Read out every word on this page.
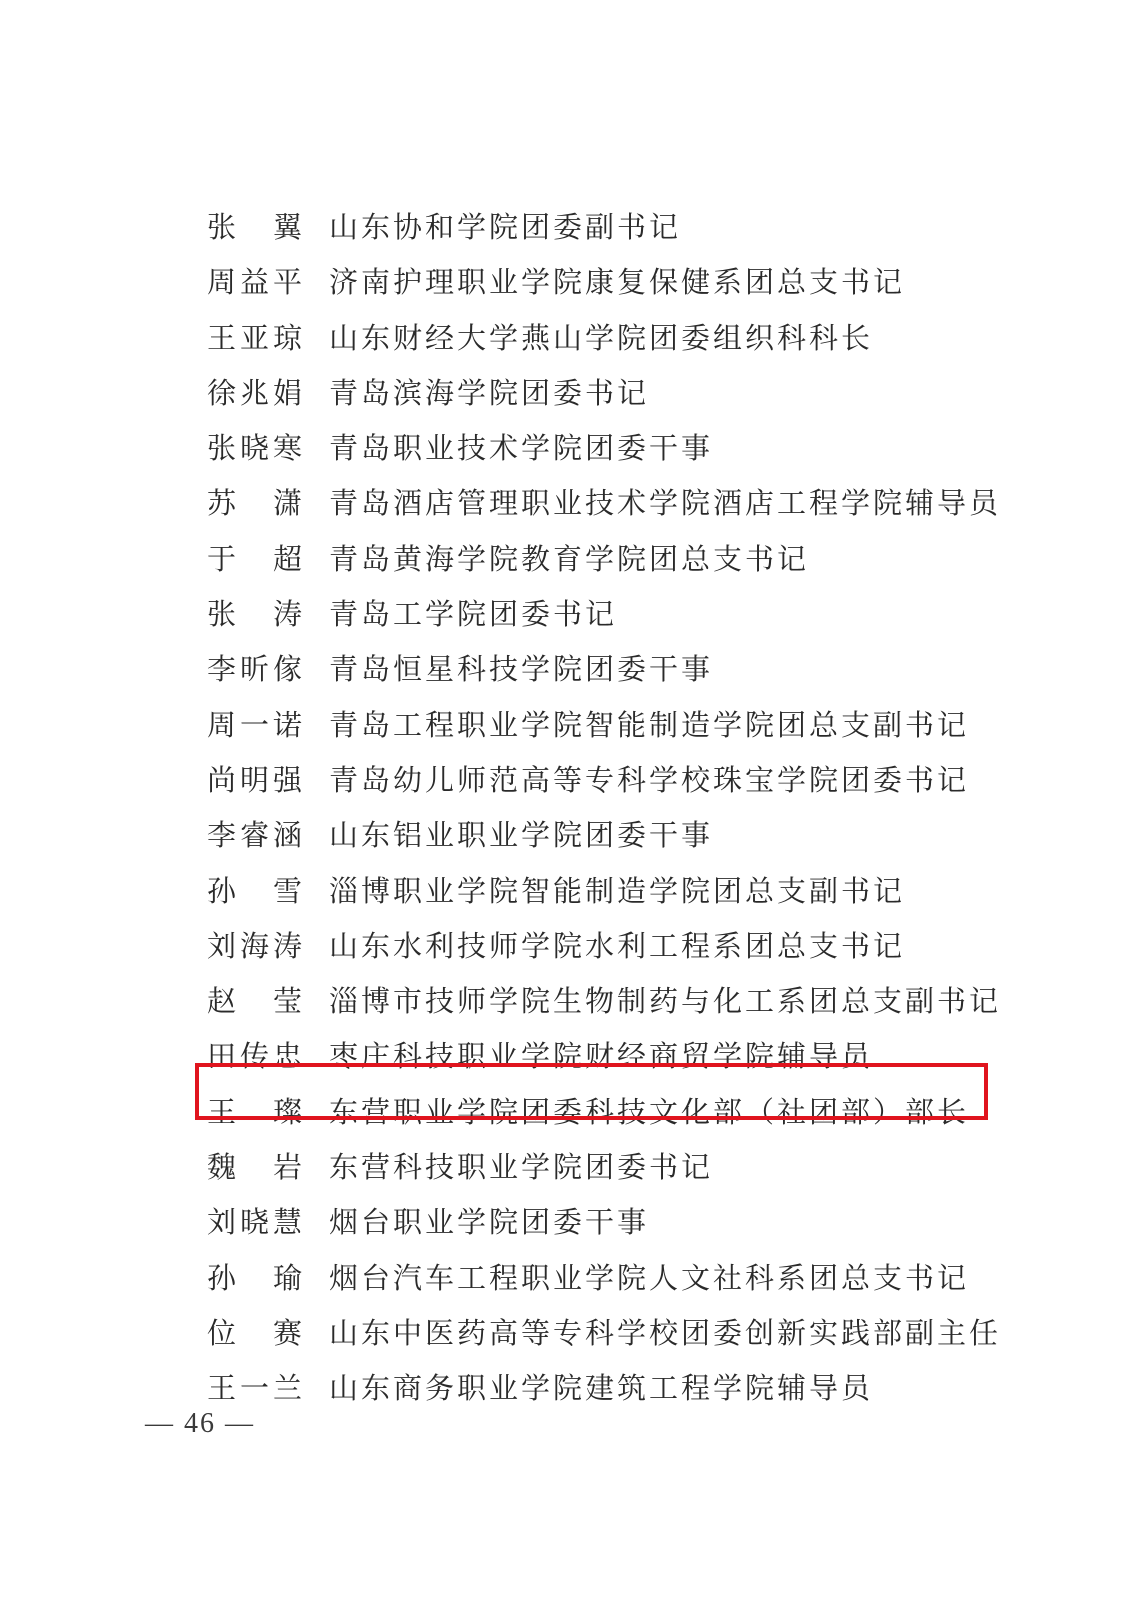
张 翼 山东协和学院团委副书记
周 益 平 济南护理职业学院康复保健系团总支书记
王 亚 琼 山东财经大学燕山学院团委组织科科长
徐 兆 娟 青岛滨海学院团委书记
张 晓 寒 青岛职业技术学院团委干事
苏 潇 青岛酒店管理职业技术学院酒店工程学院辅导员
于 超 青岛黄海学院教育学院团总支书记
张 涛 青岛工学院团委书记
李 昕 傢 青岛恒星科技学院团委干事
周 一 诺 青岛工程职业学院智能制造学院团总支副书记
尚 明 强 青岛幼儿师范高等专科学校珠宝学院团委书记
李 睿 涵 山东铝业职业学院团委干事
孙 雪 淄博职业学院智能制造学院团总支副书记
刘 海 涛 山东水利技师学院水利工程系团总支书记
赵 莹 淄博市技师学院生物制药与化工系团总支副书记
田 传 忠 枣庄科技职业学院财经商贸学院辅导员
王 璨 东营职业学院团委科技文化部（社团部）部长
魏 岩 东营科技职业学院团委书记
刘 晓 慧 烟台职业学院团委干事
孙 瑜 烟台汽车工程职业学院人文社科系团总支书记
位 赛 山东中医药高等专科学校团委创新实践部副主任
王 一 兰 山东商务职业学院建筑工程学院辅导员
— 46 —
